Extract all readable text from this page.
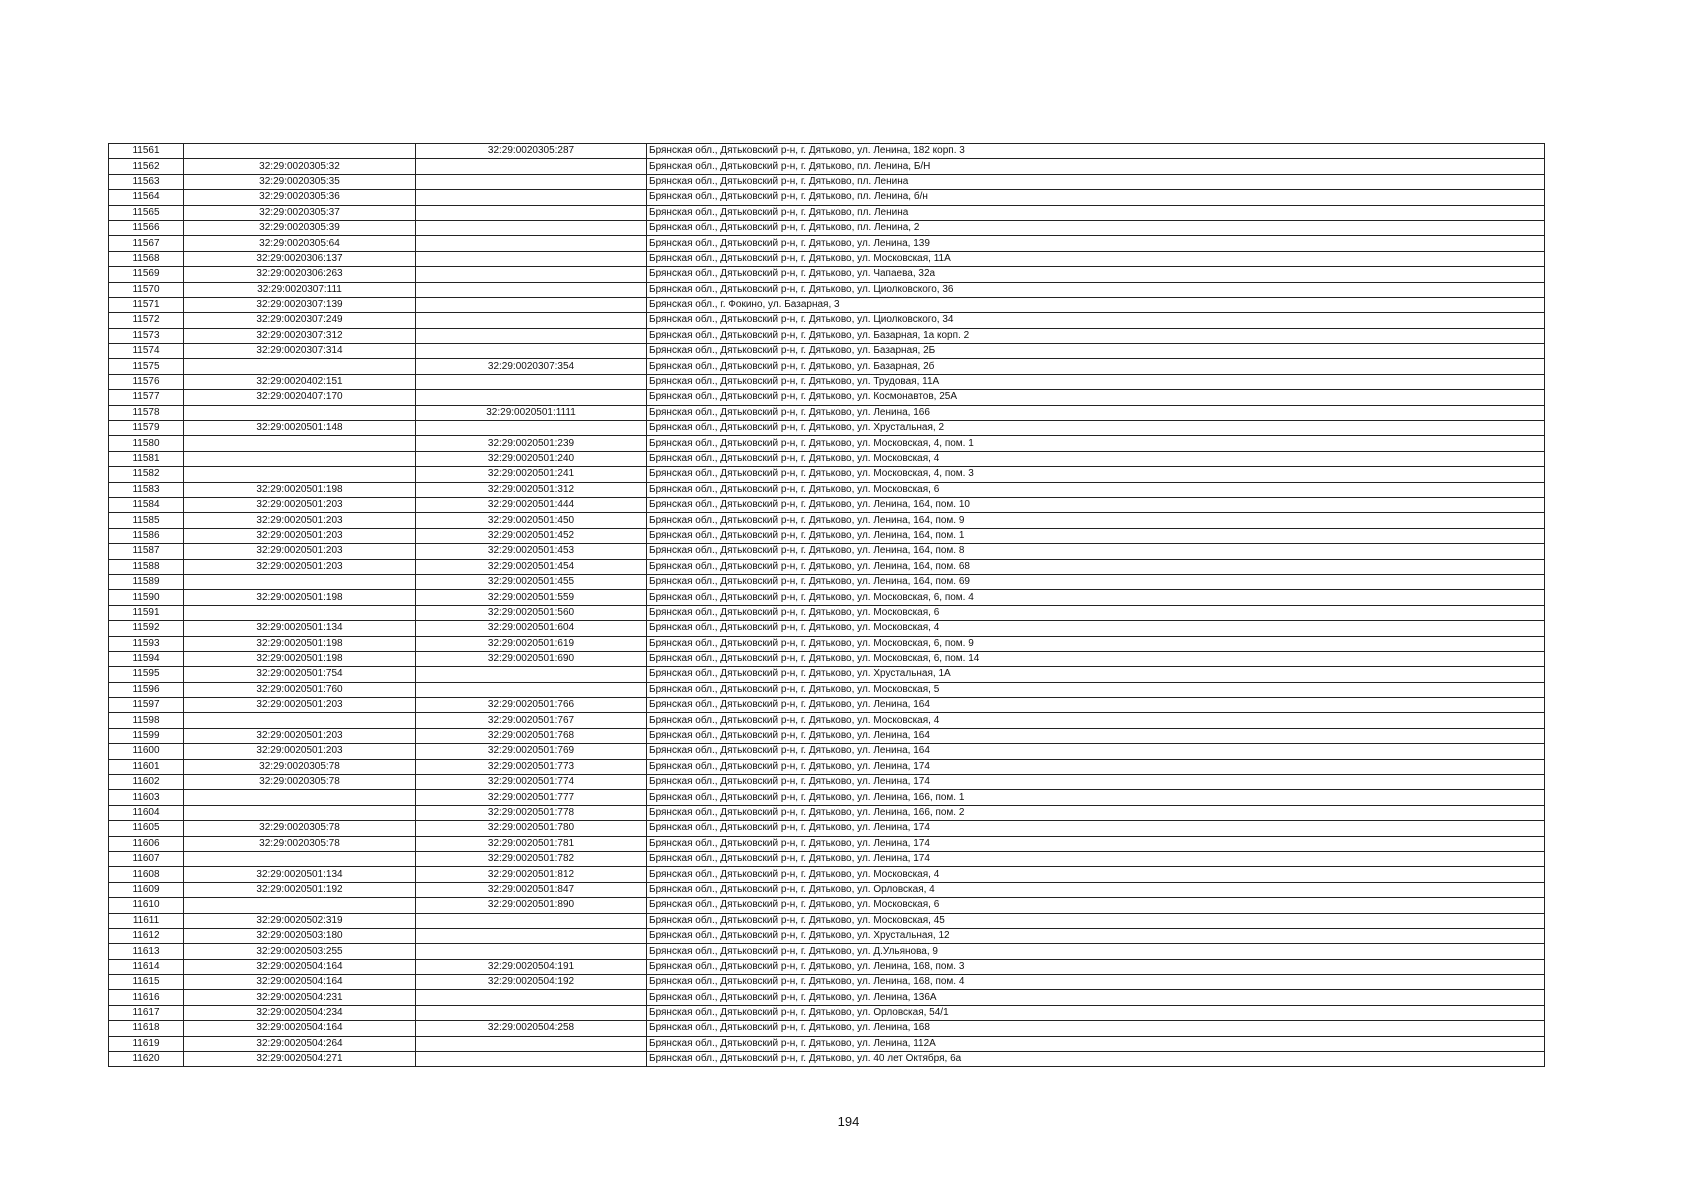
11561		32:29:0020305:287	Брянская обл., Дятьковский р-н, г. Дятьково, ул. Ленина, 182 корп. 3
11562	32:29:0020305:32		Брянская обл., Дятьковский р-н, г. Дятьково, пл. Ленина, Б/Н
11563	32:29:0020305:35		Брянская обл., Дятьковский р-н, г. Дятьково, пл. Ленина
11564	32:29:0020305:36		Брянская обл., Дятьковский р-н, г. Дятьково, пл. Ленина, б/н
11565	32:29:0020305:37		Брянская обл., Дятьковский р-н, г. Дятьково, пл. Ленина
11566	32:29:0020305:39		Брянская обл., Дятьковский р-н, г. Дятьково, пл. Ленина, 2
11567	32:29:0020305:64		Брянская обл., Дятьковский р-н, г. Дятьково, ул. Ленина, 139
11568	32:29:0020306:137		Брянская обл., Дятьковский р-н, г. Дятьково, ул. Московская, 11А
11569	32:29:0020306:263		Брянская обл., Дятьковский р-н, г. Дятьково, ул. Чапаева, 32а
11570	32:29:0020307:111		Брянская обл., Дятьковский р-н, г. Дятьково, ул. Циолковского, 36
11571	32:29:0020307:139		Брянская обл., г. Фокино, ул. Базарная, 3
11572	32:29:0020307:249		Брянская обл., Дятьковский р-н, г. Дятьково, ул. Циолковского, 34
11573	32:29:0020307:312		Брянская обл., Дятьковский р-н, г. Дятьково, ул. Базарная, 1а корп. 2
11574	32:29:0020307:314		Брянская обл., Дятьковский р-н, г. Дятьково, ул. Базарная, 2Б
11575		32:29:0020307:354	Брянская обл., Дятьковский р-н, г. Дятьково, ул. Базарная, 2б
11576	32:29:0020402:151		Брянская обл., Дятьковский р-н, г. Дятьково, ул. Трудовая, 11А
11577	32:29:0020407:170		Брянская обл., Дятьковский р-н, г. Дятьково, ул. Космонавтов, 25А
11578		32:29:0020501:1111	Брянская обл., Дятьковский р-н, г. Дятьково, ул. Ленина, 166
11579	32:29:0020501:148		Брянская обл., Дятьковский р-н, г. Дятьково, ул. Хрустальная, 2
11580		32:29:0020501:239	Брянская обл., Дятьковский р-н, г. Дятьково, ул. Московская, 4, пом. 1
11581		32:29:0020501:240	Брянская обл., Дятьковский р-н, г. Дятьково, ул. Московская, 4
11582		32:29:0020501:241	Брянская обл., Дятьковский р-н, г. Дятьково, ул. Московская, 4, пом. 3
11583	32:29:0020501:198	32:29:0020501:312	Брянская обл., Дятьковский р-н, г. Дятьково, ул. Московская, 6
11584	32:29:0020501:203	32:29:0020501:444	Брянская обл., Дятьковский р-н, г. Дятьково, ул. Ленина, 164, пом. 10
11585	32:29:0020501:203	32:29:0020501:450	Брянская обл., Дятьковский р-н, г. Дятьково, ул. Ленина, 164, пом. 9
11586	32:29:0020501:203	32:29:0020501:452	Брянская обл., Дятьковский р-н, г. Дятьково, ул. Ленина, 164, пом. 1
11587	32:29:0020501:203	32:29:0020501:453	Брянская обл., Дятьковский р-н, г. Дятьково, ул. Ленина, 164, пом. 8
11588	32:29:0020501:203	32:29:0020501:454	Брянская обл., Дятьковский р-н, г. Дятьково, ул. Ленина, 164, пом. 68
11589		32:29:0020501:455	Брянская обл., Дятьковский р-н, г. Дятьково, ул. Ленина, 164, пом. 69
11590	32:29:0020501:198	32:29:0020501:559	Брянская обл., Дятьковский р-н, г. Дятьково, ул. Московская, 6, пом. 4
11591		32:29:0020501:560	Брянская обл., Дятьковский р-н, г. Дятьково, ул. Московская, 6
11592	32:29:0020501:134	32:29:0020501:604	Брянская обл., Дятьковский р-н, г. Дятьково, ул. Московская, 4
11593	32:29:0020501:198	32:29:0020501:619	Брянская обл., Дятьковский р-н, г. Дятьково, ул. Московская, 6, пом. 9
11594	32:29:0020501:198	32:29:0020501:690	Брянская обл., Дятьковский р-н, г. Дятьково, ул. Московская, 6, пом. 14
11595	32:29:0020501:754		Брянская обл., Дятьковский р-н, г. Дятьково, ул. Хрустальная, 1А
11596	32:29:0020501:760		Брянская обл., Дятьковский р-н, г. Дятьково, ул. Московская, 5
11597	32:29:0020501:203	32:29:0020501:766	Брянская обл., Дятьковский р-н, г. Дятьково, ул. Ленина, 164
11598		32:29:0020501:767	Брянская обл., Дятьковский р-н, г. Дятьково, ул. Московская, 4
11599	32:29:0020501:203	32:29:0020501:768	Брянская обл., Дятьковский р-н, г. Дятьково, ул. Ленина, 164
11600	32:29:0020501:203	32:29:0020501:769	Брянская обл., Дятьковский р-н, г. Дятьково, ул. Ленина, 164
11601	32:29:0020305:78	32:29:0020501:773	Брянская обл., Дятьковский р-н, г. Дятьково, ул. Ленина, 174
11602	32:29:0020305:78	32:29:0020501:774	Брянская обл., Дятьковский р-н, г. Дятьково, ул. Ленина, 174
11603		32:29:0020501:777	Брянская обл., Дятьковский р-н, г. Дятьково, ул. Ленина, 166, пом. 1
11604		32:29:0020501:778	Брянская обл., Дятьковский р-н, г. Дятьково, ул. Ленина, 166, пом. 2
11605	32:29:0020305:78	32:29:0020501:780	Брянская обл., Дятьковский р-н, г. Дятьково, ул. Ленина, 174
11606	32:29:0020305:78	32:29:0020501:781	Брянская обл., Дятьковский р-н, г. Дятьково, ул. Ленина, 174
11607		32:29:0020501:782	Брянская обл., Дятьковский р-н, г. Дятьково, ул. Ленина, 174
11608	32:29:0020501:134	32:29:0020501:812	Брянская обл., Дятьковский р-н, г. Дятьково, ул. Московская, 4
11609	32:29:0020501:192	32:29:0020501:847	Брянская обл., Дятьковский р-н, г. Дятьково, ул. Орловская, 4
11610		32:29:0020501:890	Брянская обл., Дятьковский р-н, г. Дятьково, ул. Московская, 6
11611	32:29:0020502:319		Брянская обл., Дятьковский р-н, г. Дятьково, ул. Московская, 45
11612	32:29:0020503:180		Брянская обл., Дятьковский р-н, г. Дятьково, ул. Хрустальная, 12
11613	32:29:0020503:255		Брянская обл., Дятьковский р-н, г. Дятьково, ул. Д.Ульянова, 9
11614	32:29:0020504:164	32:29:0020504:191	Брянская обл., Дятьковский р-н, г. Дятьково, ул. Ленина, 168, пом. 3
11615	32:29:0020504:164	32:29:0020504:192	Брянская обл., Дятьковский р-н, г. Дятьково, ул. Ленина, 168, пом. 4
11616	32:29:0020504:231		Брянская обл., Дятьковский р-н, г. Дятьково, ул. Ленина, 136А
11617	32:29:0020504:234		Брянская обл., Дятьковский р-н, г. Дятьково, ул. Орловская, 54/1
11618	32:29:0020504:164	32:29:0020504:258	Брянская обл., Дятьковский р-н, г. Дятьково, ул. Ленина, 168
11619	32:29:0020504:264		Брянская обл., Дятьковский р-н, г. Дятьково, ул. Ленина, 112А
11620	32:29:0020504:271		Брянская обл., Дятьковский р-н, г. Дятьково, ул. 40 лет Октября, 6а
194
